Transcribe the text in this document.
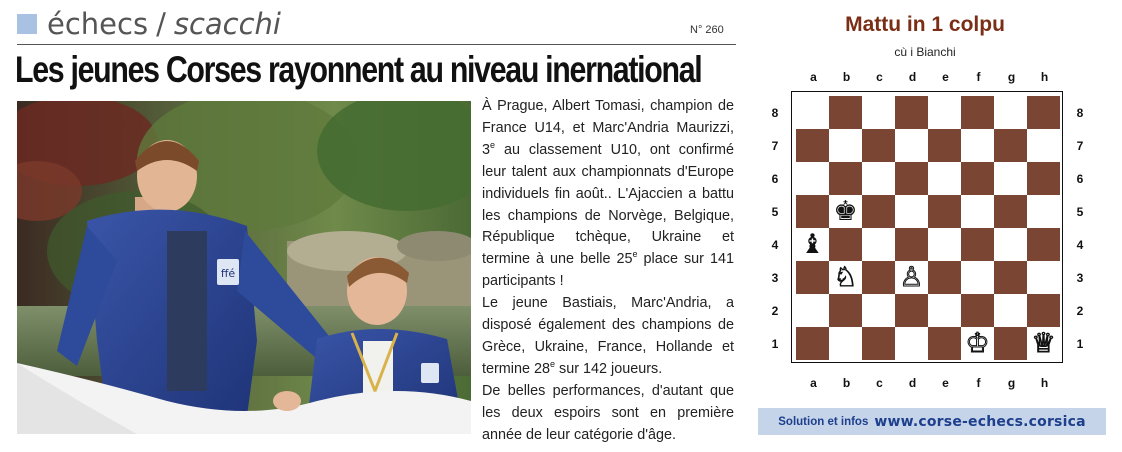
échecs / scacchi	N° 260
Les jeunes Corses rayonnent au niveau inernational
ffé

À Prague, Albert Tomasi, champion de France U14, et Marc'Andria Maurizzi, 3e au classement U10, ont confirmé leur talent aux championnats d'Europe individuels fin août.. L'Ajaccien a battu les champions de Norvège, Belgique, République tchèque, Ukraine et termine à une belle 25e place sur 141 participants !

Le jeune Bastiais, Marc'Andria, a disposé également des champions de Grèce, Ukraine, France, Hollande et termine 28e sur 142 joueurs.

De belles performances, d'autant que les deux espoirs sont en première année de leur catégorie d'âge.

Mattu in 1 colpu
cù i Bianchi
a
a
b
b
c
c
d
d
e
e
f
f
g
g
h
h
8	8
7	7
6	6
5	5
4	4
3	3
2	2
1	1
♚
♝
♘ ♙
♔ ♕
Solution et infos www.corse-echecs.corsica
